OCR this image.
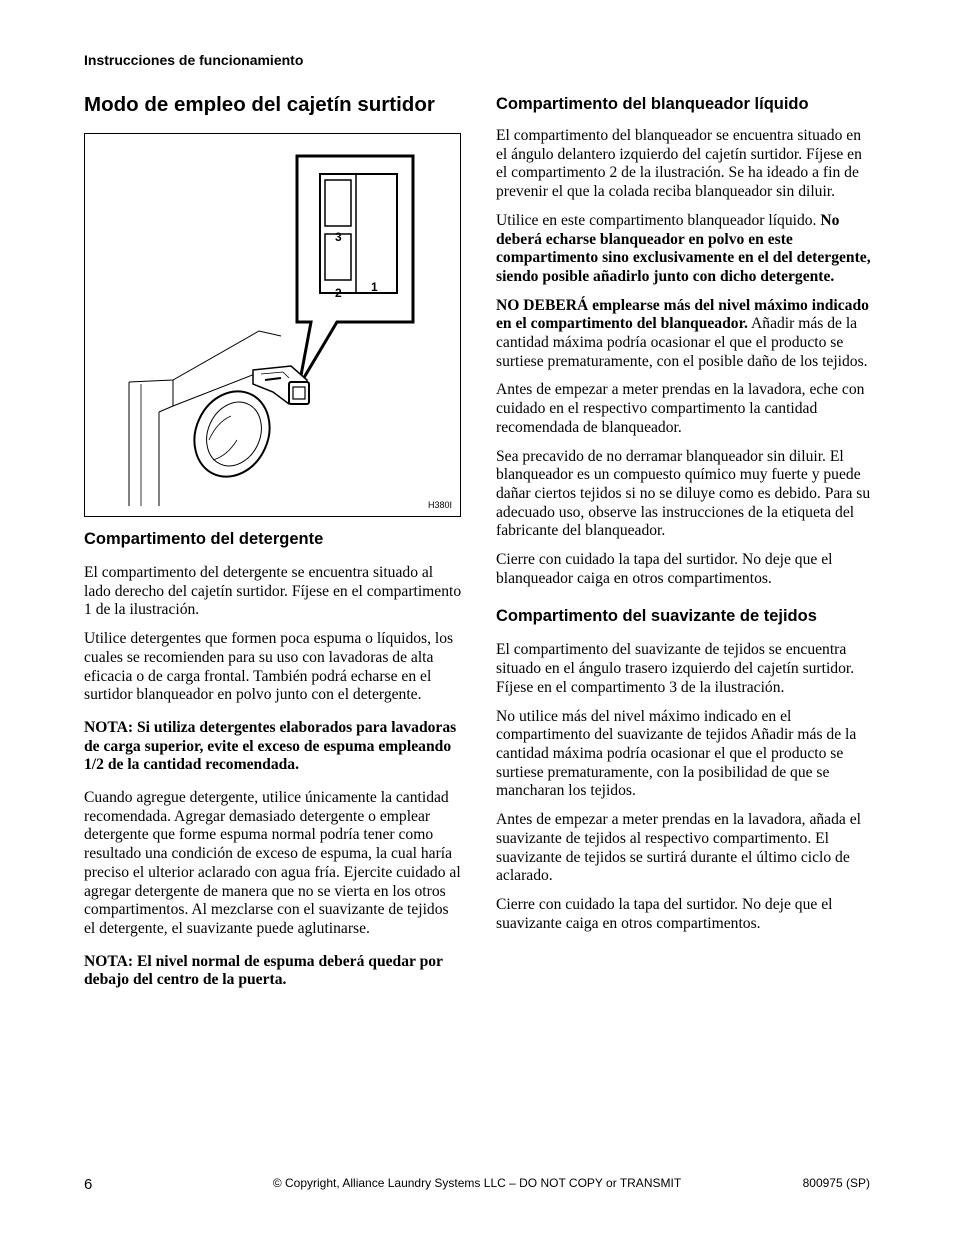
Instrucciones de funcionamiento
Modo de empleo del cajetín surtidor
3
2 1
H380I
Compartimento del detergente

El compartimento del detergente se encuentra situado al lado derecho del cajetín surtidor. Fíjese en el compartimento 1 de la ilustración.

Utilice detergentes que formen poca espuma o líquidos, los cuales se recomienden para su uso con lavadoras de alta eficacia o de carga frontal. También podrá echarse en el surtidor blanqueador en polvo junto con el detergente.

NOTA: Si utiliza detergentes elaborados para lavadoras de carga superior, evite el exceso de espuma empleando 1/2 de la cantidad recomendada.

Cuando agregue detergente, utilice únicamente la cantidad recomendada. Agregar demasiado detergente o emplear detergente que forme espuma normal podría tener como resultado una condición de exceso de espuma, la cual haría preciso el ulterior aclarado con agua fría. Ejercite cuidado al agregar detergente de manera que no se vierta en los otros compartimentos. Al mezclarse con el suavizante de tejidos el detergente, el suavizante puede aglutinarse.

NOTA: El nivel normal de espuma deberá quedar por debajo del centro de la puerta.

Compartimento del blanqueador líquido

El compartimento del blanqueador se encuentra situado en el ángulo delantero izquierdo del cajetín surtidor. Fíjese en el compartimento 2 de la ilustración. Se ha ideado a fin de prevenir el que la colada reciba blanqueador sin diluir.

Utilice en este compartimento blanqueador líquido. No deberá echarse blanqueador en polvo en este compartimento sino exclusivamente en el del detergente, siendo posible añadirlo junto con dicho detergente.

NO DEBERÁ emplearse más del nivel máximo indicado en el compartimento del blanqueador. Añadir más de la cantidad máxima podría ocasionar el que el producto se surtiese prematuramente, con el posible daño de los tejidos.

Antes de empezar a meter prendas en la lavadora, eche con cuidado en el respectivo compartimento la cantidad recomendada de blanqueador.

Sea precavido de no derramar blanqueador sin diluir. El blanqueador es un compuesto químico muy fuerte y puede dañar ciertos tejidos si no se diluye como es debido. Para su adecuado uso, observe las instrucciones de la etiqueta del fabricante del blanqueador.

Cierre con cuidado la tapa del surtidor. No deje que el blanqueador caiga en otros compartimentos.

Compartimento del suavizante de tejidos

El compartimento del suavizante de tejidos se encuentra situado en el ángulo trasero izquierdo del cajetín surtidor. Fíjese en el compartimento 3 de la ilustración.

No utilice más del nivel máximo indicado en el compartimento del suavizante de tejidos Añadir más de la cantidad máxima podría ocasionar el que el producto se surtiese prematuramente, con la posibilidad de que se mancharan los tejidos.

Antes de empezar a meter prendas en la lavadora, añada el suavizante de tejidos al respectivo compartimento. El suavizante de tejidos se surtirá durante el último ciclo de aclarado.

Cierre con cuidado la tapa del surtidor. No deje que el suavizante caiga en otros compartimentos.

6	© Copyright, Alliance Laundry Systems LLC – DO NOT COPY or TRANSMIT	800975 (SP)
